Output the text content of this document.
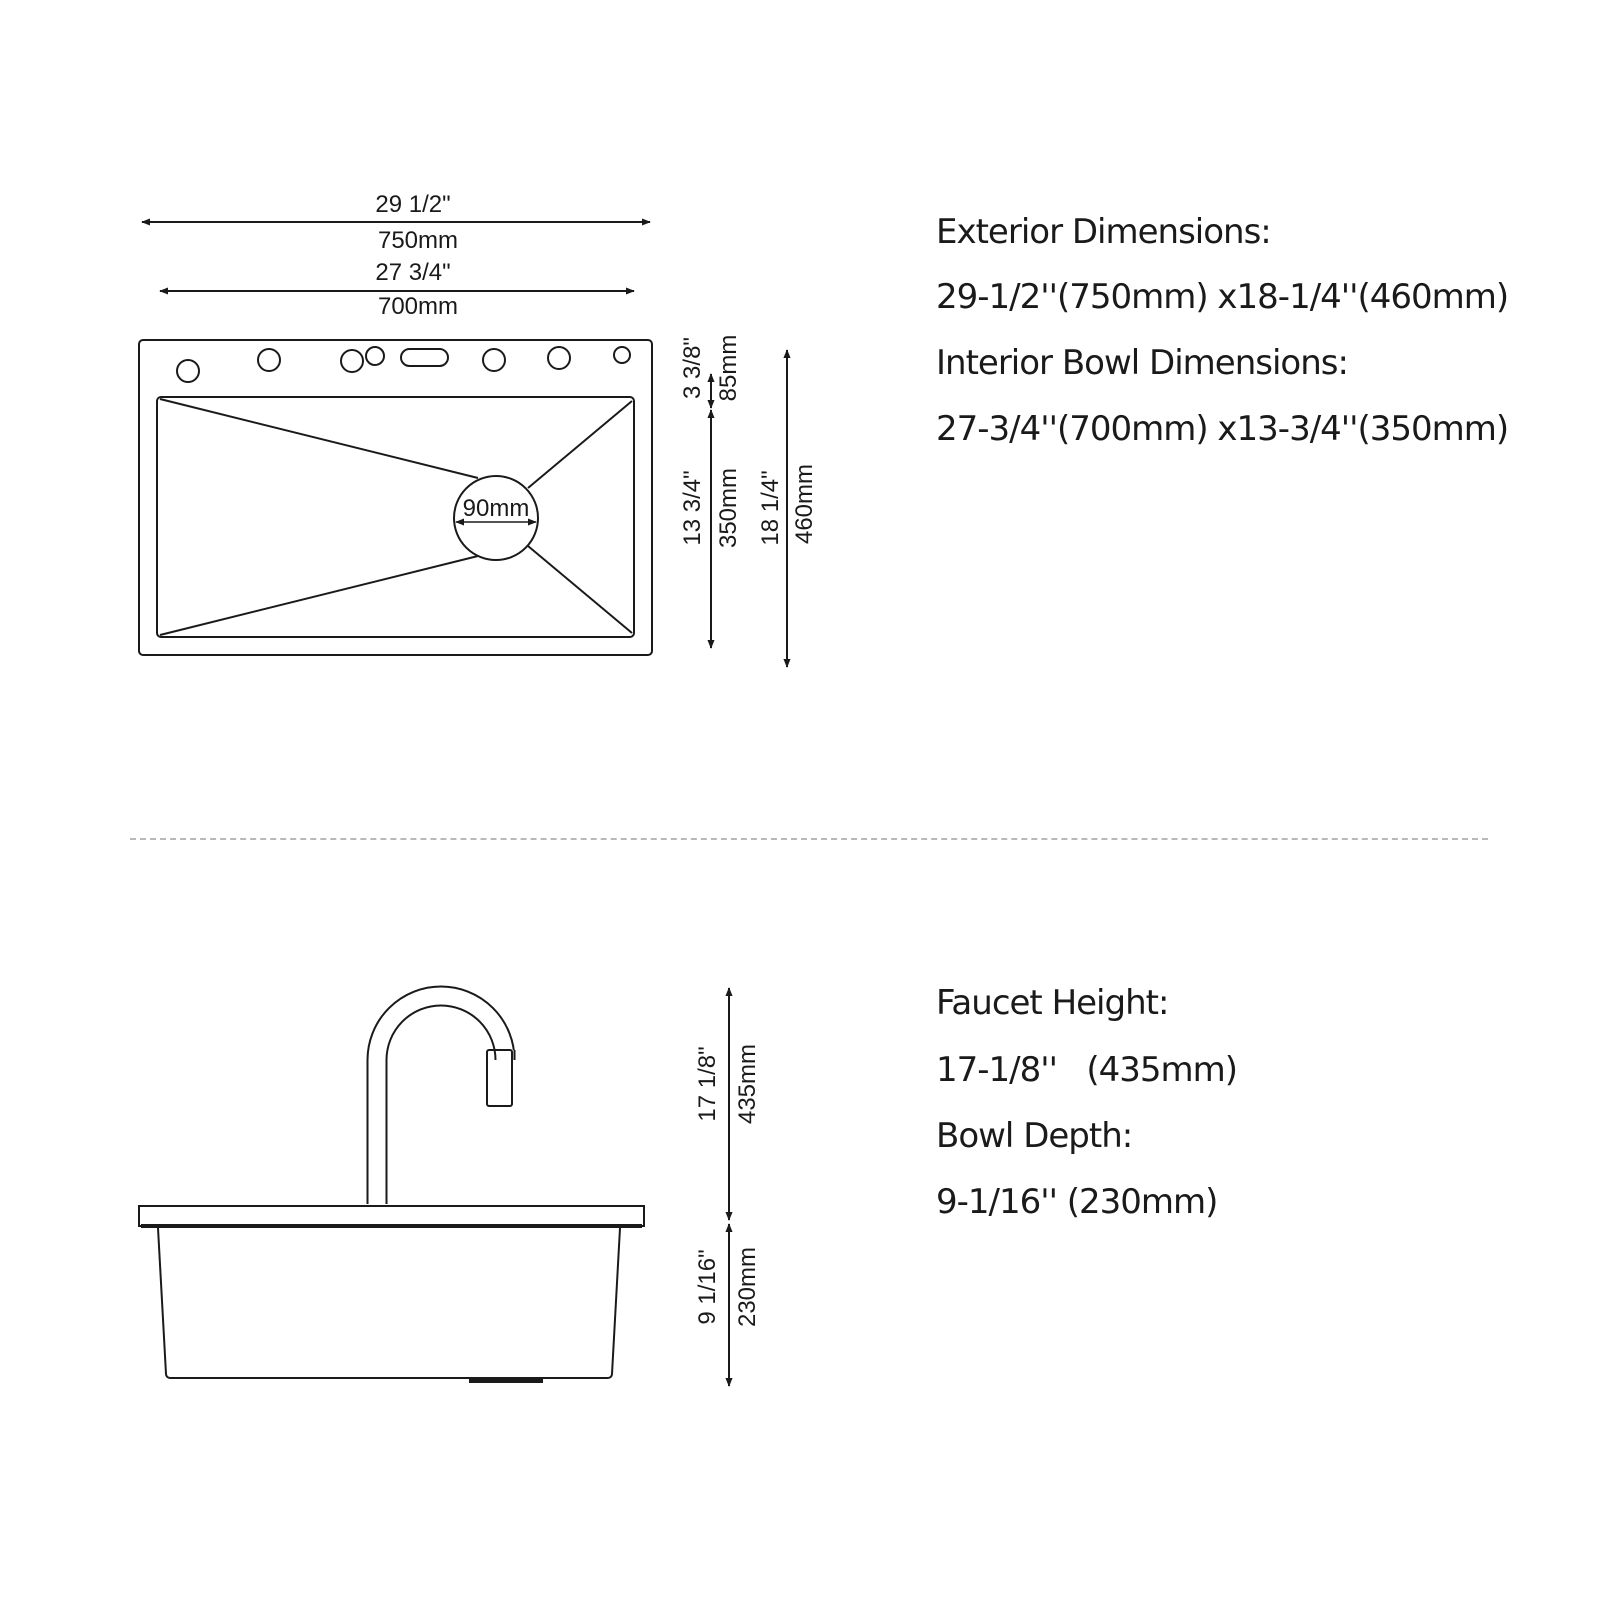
29 1/2"
750mm
27 3/4"
700mm
90mm
3 3/8" 85mm
13 3/4" 350mm 18 1/4" 460mm
17 1/8" 435mm
9 1/16" 230mm
Exterior Dimensions:
29-1/2''(750mm) x18-1/4''(460mm)
Interior Bowl Dimensions:
27-3/4''(700mm) x13-3/4''(350mm)
Faucet Height:
17-1/8''   (435mm)
Bowl Depth:
9-1/16'' (230mm)
